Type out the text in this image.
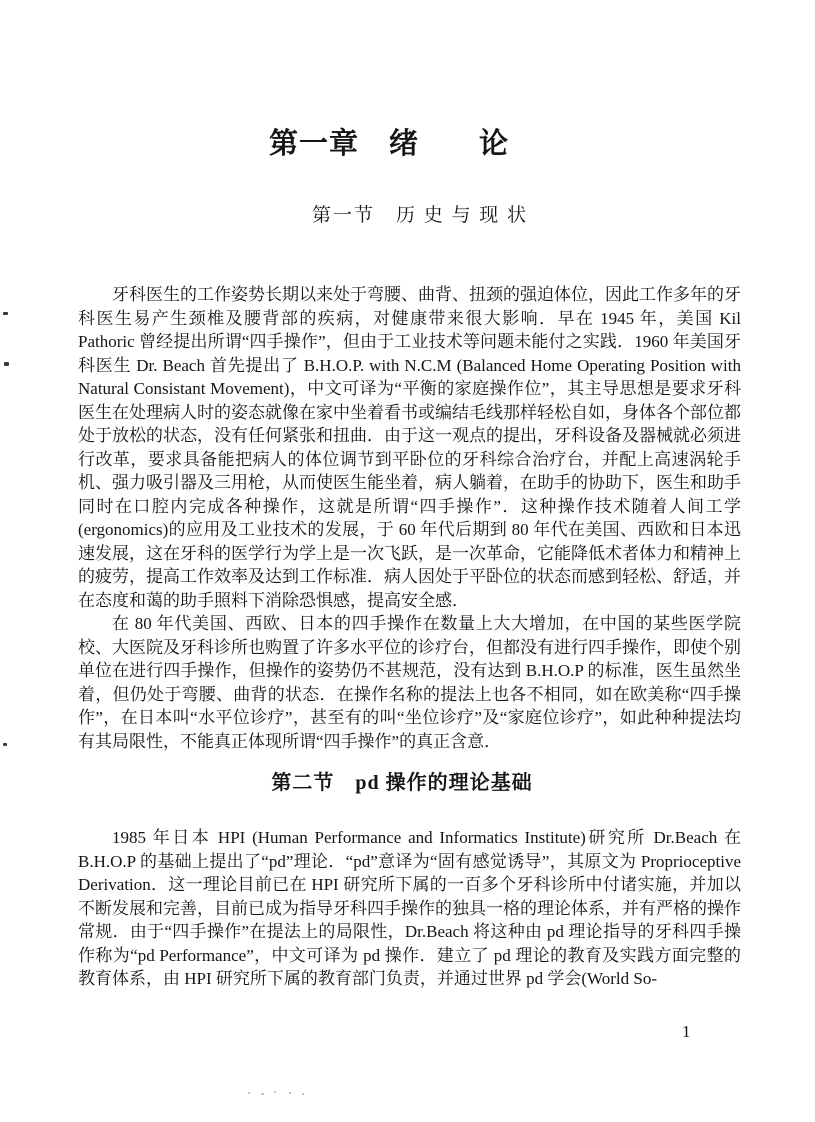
第一章　绪　　论
第一节　历 史 与 现 状

牙科医生的工作姿势长期以来处于弯腰、曲背、扭颈的强迫体位，因此工作多年的牙科医生易产生颈椎及腰背部的疾病，对健康带来很大影响．早在 1945 年，美国 Kil Pathoric 曾经提出所谓“四手操作”，但由于工业技术等问题未能付之实践．1960 年美国牙科医生 Dr. Beach 首先提出了 B.H.O.P. with N.C.M (Balanced Home Operating Position with Natural Consistant Movement)，中文可译为“平衡的家庭操作位”，其主导思想是要求牙科医生在处理病人时的姿态就像在家中坐着看书或编结毛线那样轻松自如，身体各个部位都处于放松的状态，没有任何紧张和扭曲．由于这一观点的提出，牙科设备及器械就必须进行改革，要求具备能把病人的体位调节到平卧位的牙科综合治疗台，并配上高速涡轮手机、强力吸引器及三用枪，从而使医生能坐着，病人躺着，在助手的协助下，医生和助手同时在口腔内完成各种操作，这就是所谓“四手操作”．这种操作技术随着人间工学(ergonomics)的应用及工业技术的发展，于 60 年代后期到 80 年代在美国、西欧和日本迅速发展，这在牙科的医学行为学上是一次飞跃，是一次革命，它能降低术者体力和精神上的疲劳，提高工作效率及达到工作标准．病人因处于平卧位的状态而感到轻松、舒适，并在态度和蔼的助手照料下消除恐惧感，提高安全感．

在 80 年代美国、西欧、日本的四手操作在数量上大大增加，在中国的某些医学院校、大医院及牙科诊所也购置了许多水平位的诊疗台，但都没有进行四手操作，即使个别单位在进行四手操作，但操作的姿势仍不甚规范，没有达到 B.H.O.P 的标准，医生虽然坐着，但仍处于弯腰、曲背的状态．在操作名称的提法上也各不相同，如在欧美称“四手操作”，在日本叫“水平位诊疗”，甚至有的叫“坐位诊疗”及“家庭位诊疗”，如此种种提法均有其局限性，不能真正体现所谓“四手操作”的真正含意．

第二节　pd 操作的理论基础

1985 年日本 HPI (Human Performance and Informatics Institute)研究所 Dr.Beach 在 B.H.O.P 的基础上提出了“pd”理论．“pd”意译为“固有感觉诱导”，其原文为 Proprioceptive Derivation．这一理论目前已在 HPI 研究所下属的一百多个牙科诊所中付诸实施，并加以不断发展和完善，目前已成为指导牙科四手操作的独具一格的理论体系，并有严格的操作常规．由于“四手操作”在提法上的局限性，Dr.Beach 将这种由 pd 理论指导的牙科四手操作称为“pd Performance”，中文可译为 pd 操作．建立了 pd 理论的教育及实践方面完整的教育体系，由 HPI 研究所下属的教育部门负责，并通过世界 pd 学会(World So-

1
